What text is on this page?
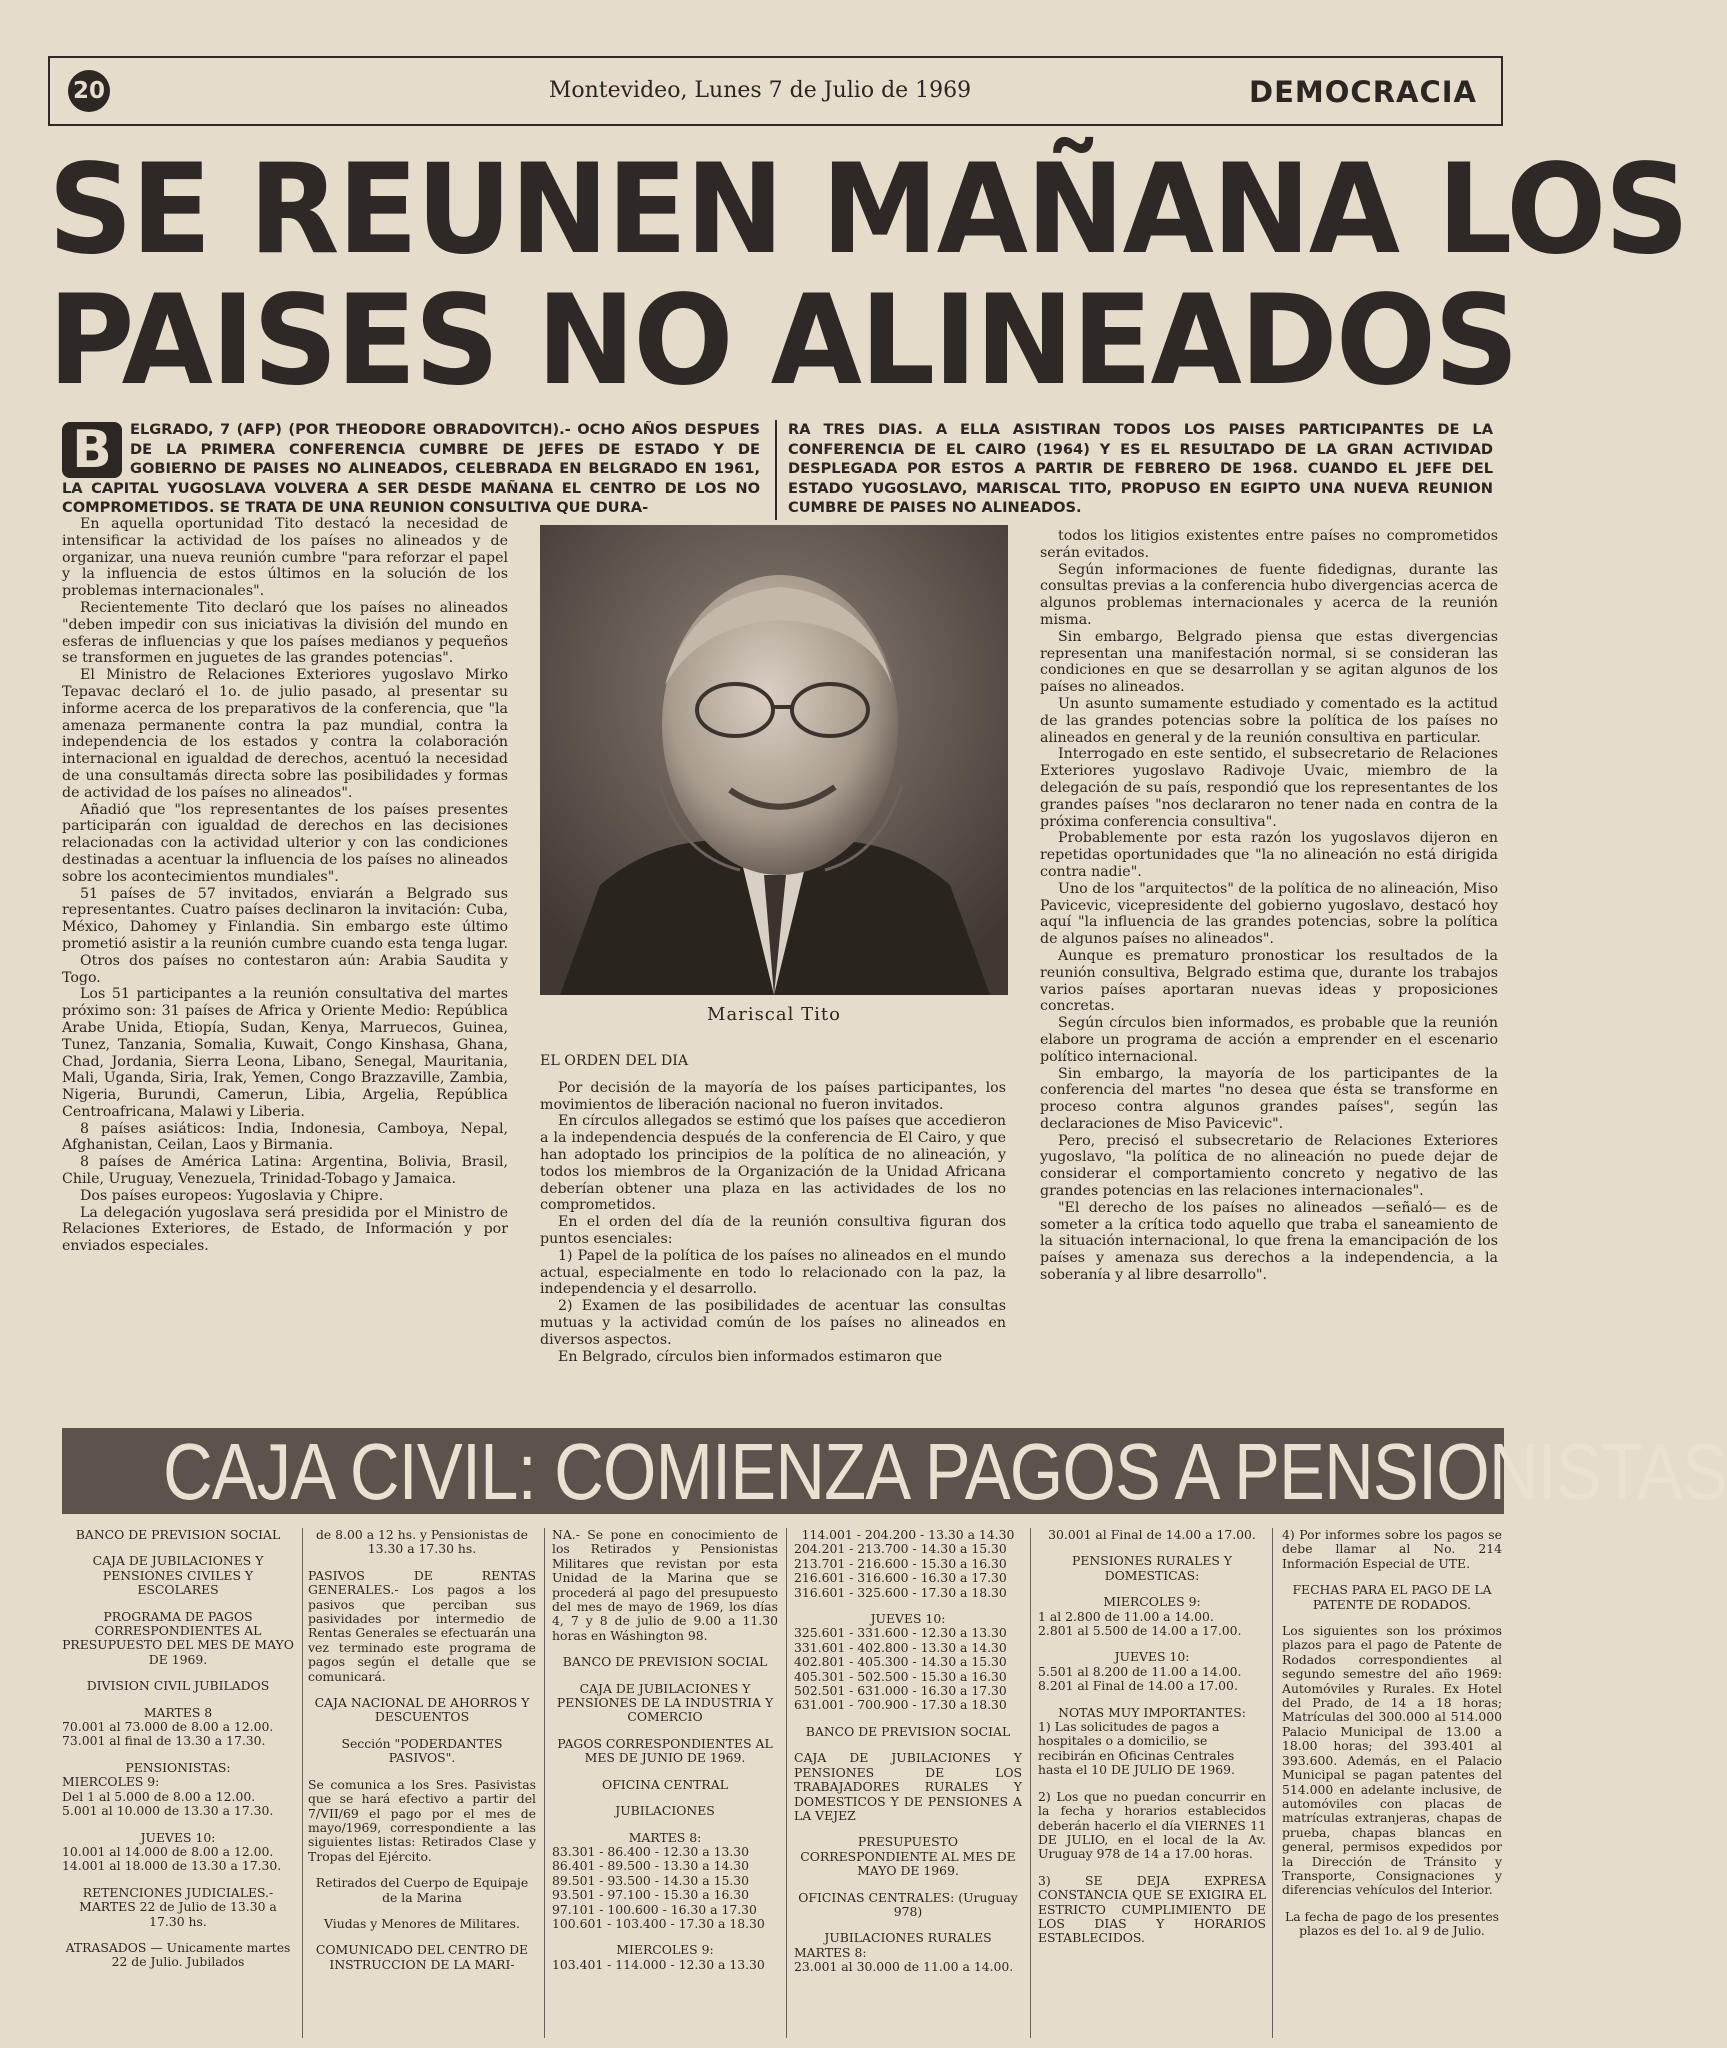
20	Montevideo, Lunes 7 de Julio de 1969	DEMOCRACIA
SE REUNEN MAÑANA LOS
PAISES NO ALINEADOS
B	ELGRADO, 7 (AFP) (POR THEODORE OBRADOVITCH).- OCHO AÑOS DESPUES DE LA PRIMERA CONFERENCIA CUMBRE DE JEFES DE ESTADO Y DE GOBIERNO DE PAISES NO ALINEADOS, CELEBRADA EN BELGRADO EN 1961, LA CAPITAL YUGOSLAVA VOLVERA A SER DESDE MAÑANA EL CENTRO DE LOS NO COMPROMETIDOS. SE TRATA DE UNA REUNION CONSULTIVA QUE DURA-
RA TRES DIAS. A ELLA ASISTIRAN TODOS LOS PAISES PARTICIPANTES DE LA CONFERENCIA DE EL CAIRO (1964) Y ES EL RESULTADO DE LA GRAN ACTIVIDAD DESPLEGADA POR ESTOS A PARTIR DE FEBRERO DE 1968. CUANDO EL JEFE DEL ESTADO YUGOSLAVO, MARISCAL TITO, PROPUSO EN EGIPTO UNA NUEVA REUNION CUMBRE DE PAISES NO ALINEADOS.

En aquella oportunidad Tito destacó la necesidad de intensificar la actividad de los países no alineados y de organizar, una nueva reunión cumbre "para reforzar el papel y la influencia de estos últimos en la solución de los problemas internacionales".

Recientemente Tito declaró que los países no alineados "deben impedir con sus iniciativas la división del mundo en esferas de influencias y que los países medianos y pequeños se transformen en juguetes de las grandes potencias".

El Ministro de Relaciones Exteriores yugoslavo Mirko Tepavac declaró el 1o. de julio pasado, al presentar su informe acerca de los preparativos de la conferencia, que "la amenaza permanente contra la paz mundial, contra la independencia de los estados y contra la colaboración internacional en igualdad de derechos, acentuó la necesidad de una consultamás directa sobre las posibilidades y formas de actividad de los países no alineados".

Añadió que "los representantes de los países presentes participarán con igualdad de derechos en las decisiones relacionadas con la actividad ulterior y con las condiciones destinadas a acentuar la influencia de los países no alineados sobre los acontecimientos mundiales".

51 países de 57 invitados, enviarán a Belgrado sus representantes. Cuatro países declinaron la invitación: Cuba, México, Dahomey y Finlandia. Sin embargo este último prometió asistir a la reunión cumbre cuando esta tenga lugar.

Otros dos países no contestaron aún: Arabia Saudita y Togo.

Los 51 participantes a la reunión consultativa del martes próximo son: 31 países de Africa y Oriente Medio: República Arabe Unida, Etiopía, Sudan, Kenya, Marruecos, Guinea, Tunez, Tanzania, Somalia, Kuwait, Congo Kinshasa, Ghana, Chad, Jordania, Sierra Leona, Libano, Senegal, Mauritania, Mali, Uganda, Siria, Irak, Yemen, Congo Brazzaville, Zambia, Nigeria, Burundi, Camerun, Libia, Argelia, República Centroafricana, Malawi y Liberia.

8 países asiáticos: India, Indonesia, Camboya, Nepal, Afghanistan, Ceilan, Laos y Birmania.

8 países de América Latina: Argentina, Bolivia, Brasil, Chile, Uruguay, Venezuela, Trinidad-Tobago y Jamaica.

Dos países europeos: Yugoslavia y Chipre.

La delegación yugoslava será presidida por el Ministro de Relaciones Exteriores, de Estado, de Información y por enviados especiales.

Mariscal Tito

EL ORDEN DEL DIA

Por decisión de la mayoría de los países participantes, los movimientos de liberación nacional no fueron invitados.

En círculos allegados se estimó que los países que accedieron a la independencia después de la conferencia de El Cairo, y que han adoptado los principios de la política de no alineación, y todos los miembros de la Organización de la Unidad Africana deberían obtener una plaza en las actividades de los no comprometidos.

En el orden del día de la reunión consultiva figuran dos puntos esenciales:

1) Papel de la política de los países no alineados en el mundo actual, especialmente en todo lo relacionado con la paz, la independencia y el desarrollo.

2) Examen de las posibilidades de acentuar las consultas mutuas y la actividad común de los países no alineados en diversos aspectos.

En Belgrado, círculos bien informados estimaron que

todos los litigios existentes entre países no comprometidos serán evitados.

Según informaciones de fuente fidedignas, durante las consultas previas a la conferencia hubo divergencias acerca de algunos problemas internacionales y acerca de la reunión misma.

Sin embargo, Belgrado piensa que estas divergencias representan una manifestación normal, si se consideran las condiciones en que se desarrollan y se agitan algunos de los países no alineados.

Un asunto sumamente estudiado y comentado es la actitud de las grandes potencias sobre la política de los países no alineados en general y de la reunión consultiva en particular.

Interrogado en este sentido, el subsecretario de Relaciones Exteriores yugoslavo Radivoje Uvaic, miembro de la delegación de su país, respondió que los representantes de los grandes países "nos declararon no tener nada en contra de la próxima conferencia consultiva".

Probablemente por esta razón los yugoslavos dijeron en repetidas oportunidades que "la no alineación no está dirigida contra nadie".

Uno de los "arquitectos" de la política de no alineación, Miso Pavicevic, vicepresidente del gobierno yugoslavo, destacó hoy aquí "la influencia de las grandes potencias, sobre la política de algunos países no alineados".

Aunque es prematuro pronosticar los resultados de la reunión consultiva, Belgrado estima que, durante los trabajos varios países aportaran nuevas ideas y proposiciones concretas.

Según círculos bien informados, es probable que la reunión elabore un programa de acción a emprender en el escenario político internacional.

Sin embargo, la mayoría de los participantes de la conferencia del martes "no desea que ésta se transforme en proceso contra algunos grandes países", según las declaraciones de Miso Pavicevic".

Pero, precisó el subsecretario de Relaciones Exteriores yugoslavo, "la política de no alineación no puede dejar de considerar el comportamiento concreto y negativo de las grandes potencias en las relaciones internacionales".

"El derecho de los países no alineados —señaló— es de someter a la crítica todo aquello que traba el saneamiento de la situación internacional, lo que frena la emancipación de los países y amenaza sus derechos a la independencia, a la soberanía y al libre desarrollo".

CAJA CIVIL: COMIENZA PAGOS A PENSIONISTAS
BANCO DE PREVISION SOCIAL
CAJA DE JUBILACIONES Y PENSIONES CIVILES Y ESCOLARES
PROGRAMA DE PAGOS CORRESPONDIENTES AL PRESUPUESTO DEL MES DE MAYO DE 1969.
DIVISION CIVIL JUBILADOS
MARTES 8
70.001 al 73.000 de 8.00 a 12.00.
73.001 al final de 13.30 a 17.30.
PENSIONISTAS:
MIERCOLES 9:
Del 1 al 5.000 de 8.00 a 12.00.
5.001 al 10.000 de 13.30 a 17.30.
JUEVES 10:
10.001 al 14.000 de 8.00 a 12.00.
14.001 al 18.000 de 13.30 a 17.30.
RETENCIONES JUDICIALES.- MARTES 22 de Julio de 13.30 a 17.30 hs.
ATRASADOS — Unicamente martes 22 de Julio. Jubilados
de 8.00 a 12 hs. y Pensionistas de 13.30 a 17.30 hs.
PASIVOS DE RENTAS GENERALES.- Los pagos a los pasivos que perciban sus pasividades por intermedio de Rentas Generales se efectuarán una vez terminado este programa de pagos según el detalle que se comunicará.
CAJA NACIONAL DE AHORROS Y DESCUENTOS
Sección "PODERDANTES PASIVOS".
Se comunica a los Sres. Pasivistas que se hará efectivo a partir del 7/VII/69 el pago por el mes de mayo/1969, correspondiente a las siguientes listas: Retirados Clase y Tropas del Ejército.
Retirados del Cuerpo de Equipaje de la Marina
Viudas y Menores de Militares.
COMUNICADO DEL CENTRO DE INSTRUCCION DE LA MARI-
NA.- Se pone en conocimiento de los Retirados y Pensionistas Militares que revistan por esta Unidad de la Marina que se procederá al pago del presupuesto del mes de mayo de 1969, los días 4, 7 y 8 de julio de 9.00 a 11.30 horas en Wáshington 98.
BANCO DE PREVISION SOCIAL
CAJA DE JUBILACIONES Y PENSIONES DE LA INDUSTRIA Y COMERCIO
PAGOS CORRESPONDIENTES AL MES DE JUNIO DE 1969.
OFICINA CENTRAL
JUBILACIONES
MARTES 8:
83.301 - 86.400 - 12.30 a 13.30
86.401 - 89.500 - 13.30 a 14.30
89.501 - 93.500 - 14.30 a 15.30
93.501 - 97.100 - 15.30 a 16.30
97.101 - 100.600 - 16.30 a 17.30
100.601 - 103.400 - 17.30 a 18.30
MIERCOLES 9:
103.401 - 114.000 - 12.30 a 13.30
114.001 - 204.200 - 13.30 a 14.30
204.201 - 213.700 - 14.30 a 15.30
213.701 - 216.600 - 15.30 a 16.30
216.601 - 316.600 - 16.30 a 17.30
316.601 - 325.600 - 17.30 a 18.30
JUEVES 10:
325.601 - 331.600 - 12.30 a 13.30
331.601 - 402.800 - 13.30 a 14.30
402.801 - 405.300 - 14.30 a 15.30
405.301 - 502.500 - 15.30 a 16.30
502.501 - 631.000 - 16.30 a 17.30
631.001 - 700.900 - 17.30 a 18.30
BANCO DE PREVISION SOCIAL
CAJA DE JUBILACIONES Y PENSIONES DE LOS TRABAJADORES RURALES Y DOMESTICOS Y DE PENSIONES A LA VEJEZ
PRESUPUESTO CORRESPONDIENTE AL MES DE MAYO DE 1969.
OFICINAS CENTRALES: (Uruguay 978)
JUBILACIONES RURALES
MARTES 8:
23.001 al 30.000 de 11.00 a 14.00.
30.001 al Final de 14.00 a 17.00.
PENSIONES RURALES Y DOMESTICAS:
MIERCOLES 9:
1 al 2.800 de 11.00 a 14.00.
2.801 al 5.500 de 14.00 a 17.00.
JUEVES 10:
5.501 al 8.200 de 11.00 a 14.00.
8.201 al Final de 14.00 a 17.00.
NOTAS MUY IMPORTANTES:
1) Las solicitudes de pagos a hospitales o a domicilio, se recibirán en Oficinas Centrales hasta el 10 DE JULIO DE 1969.
2) Los que no puedan concurrir en la fecha y horarios establecidos deberán hacerlo el día VIERNES 11 DE JULIO, en el local de la Av. Uruguay 978 de 14 a 17.00 horas.
3) SE DEJA EXPRESA CONSTANCIA QUE SE EXIGIRA EL ESTRICTO CUMPLIMIENTO DE LOS DIAS Y HORARIOS ESTABLECIDOS.
4) Por informes sobre los pagos se debe llamar al No. 214 Información Especial de UTE.
FECHAS PARA EL PAGO DE LA PATENTE DE RODADOS.
Los siguientes son los próximos plazos para el pago de Patente de Rodados correspondientes al segundo semestre del año 1969: Automóviles y Rurales. Ex Hotel del Prado, de 14 a 18 horas; Matrículas del 300.000 al 514.000 Palacio Municipal de 13.00 a 18.00 horas; del 393.401 al 393.600. Además, en el Palacio Municipal se pagan patentes del 514.000 en adelante inclusive, de automóviles con placas de matrículas extranjeras, chapas de prueba, chapas blancas en general, permisos expedidos por la Dirección de Tránsito y Transporte, Consignaciones y diferencias vehículos del Interior.
La fecha de pago de los presentes plazos es del 1o. al 9 de Julio.
